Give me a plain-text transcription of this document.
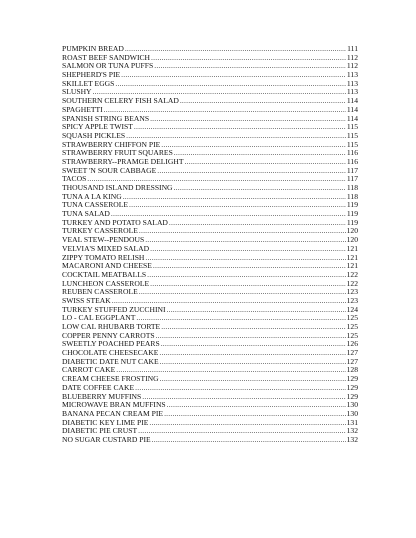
PUMPKIN BREAD .....	111
ROAST BEEF SANDWICH .....	112
SALMON OR TUNA PUFFS .....	112
SHEPHERD'S PIE .....	113
SKILLET EGGS .....	113
SLUSHY .....	113
SOUTHERN CELERY FISH SALAD .....	114
SPAGHETTI .....	114
SPANISH STRING BEANS .....	114
SPICY APPLE TWIST .....	115
SQUASH PICKLES .....	115
STRAWBERRY CHIFFON PIE .....	115
STRAWBERRY FRUIT SQUARES .....	116
STRAWBERRY--PRAMGE DELIGHT .....	116
SWEET 'N SOUR CABBAGE .....	117
TACOS .....	117
THOUSAND ISLAND DRESSING .....	118
TUNA A LA KING .....	118
TUNA CASSEROLE .....	119
TUNA SALAD .....	119
TURKEY AND POTATO SALAD .....	119
TURKEY CASSEROLE .....	120
VEAL STEW--PENDOUS .....	120
VELVIA'S MIXED SALAD .....	121
ZIPPY TOMATO RELISH .....	121
MACARONI AND CHEESE .....	121
COCKTAIL MEATBALLS .....	122
LUNCHEON CASSEROLE .....	122
REUBEN CASSEROLE .....	123
SWISS STEAK .....	123
TURKEY STUFFED ZUCCHINI .....	124
LO - CAL EGGPLANT .....	125
LOW CAL RHUBARB TORTE .....	125
COPPER PENNY CARROTS .....	125
SWEETLY POACHED PEARS .....	126
CHOCOLATE CHEESECAKE .....	127
DIABETIC DATE NUT CAKE .....	127
CARROT CAKE .....	128
CREAM CHEESE FROSTING .....	129
DATE COFFEE CAKE .....	129
BLUEBERRY MUFFINS .....	129
MICROWAVE BRAN MUFFINS .....	130
BANANA PECAN CREAM PIE .....	130
DIABETIC KEY LIME PIE .....	131
DIABETIC PIE CRUST .....	132
NO SUGAR CUSTARD PIE .....	132
